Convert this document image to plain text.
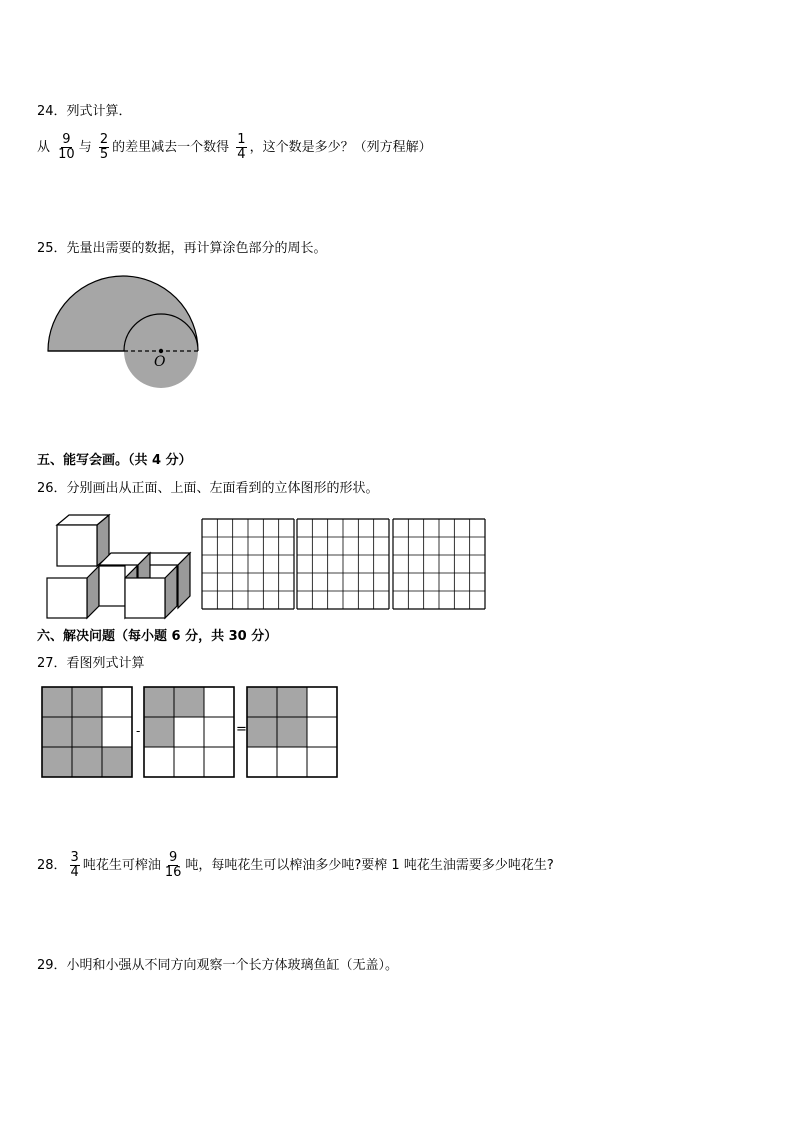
24．列式计算．
从 $\frac{9}{10}$ 与 $\frac{2}{5}$ 的差里减去一个数得 $\frac{1}{4}$ ，这个数是多少？（列方程解）
25．先量出需要的数据，再计算涂色部分的周长。
O
五、能写会画。（共 4 分）
26．分别画出从正面、上面、左面看到的立体图形的形状。
六、解决问题（每小题 6 分，共 30 分）
27．看图列式计算
-	=
28． $\frac{3}{4}$ 吨花生可榨油 $\frac{9}{16}$ 吨，每吨花生可以榨油多少吨?要榨 1 吨花生油需要多少吨花生?
29．小明和小强从不同方向观察一个长方体玻璃鱼缸（无盖）。
